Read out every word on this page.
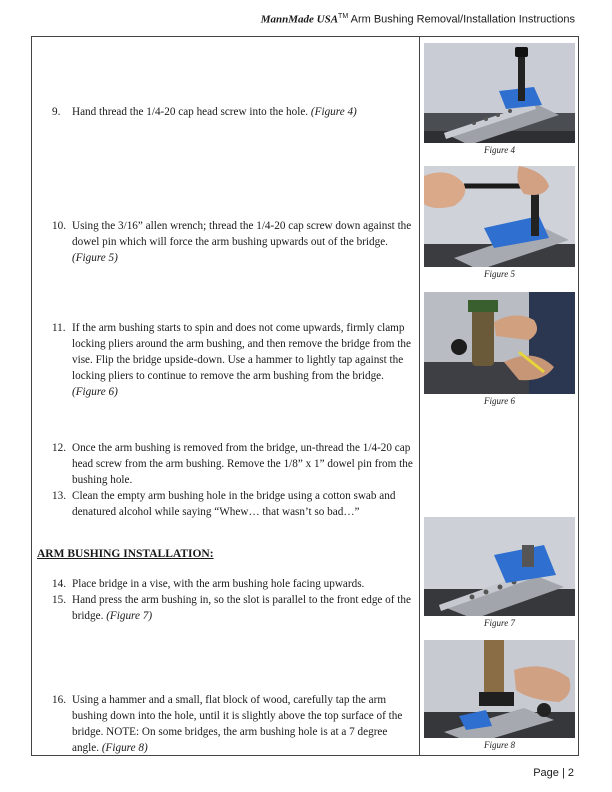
MannMade USA™ Arm Bushing Removal/Installation Instructions
9. Hand thread the 1/4-20 cap head screw into the hole. (Figure 4)
10. Using the 3/16” allen wrench; thread the 1/4-20 cap screw down against the dowel pin which will force the arm bushing upwards out of the bridge. (Figure 5)
11. If the arm bushing starts to spin and does not come upwards, firmly clamp locking pliers around the arm bushing, and then remove the bridge from the vise. Flip the bridge upside-down. Use a hammer to lightly tap against the locking pliers to continue to remove the arm bushing from the bridge. (Figure 6)
12. Once the arm bushing is removed from the bridge, un-thread the 1/4-20 cap head screw from the arm bushing. Remove the 1/8” x 1” dowel pin from the bushing hole.
13. Clean the empty arm bushing hole in the bridge using a cotton swab and denatured alcohol while saying “Whew… that wasn’t so bad…”
ARM BUSHING INSTALLATION:
14. Place bridge in a vise, with the arm bushing hole facing upwards.
15. Hand press the arm bushing in, so the slot is parallel to the front edge of the bridge. (Figure 7)
16. Using a hammer and a small, flat block of wood, carefully tap the arm bushing down into the hole, until it is slightly above the top surface of the bridge. NOTE: On some bridges, the arm bushing hole is at a 7 degree angle. (Figure 8)
Figure 4
Figure 5
Figure 6
Figure 7
Figure 8
Page | 2
